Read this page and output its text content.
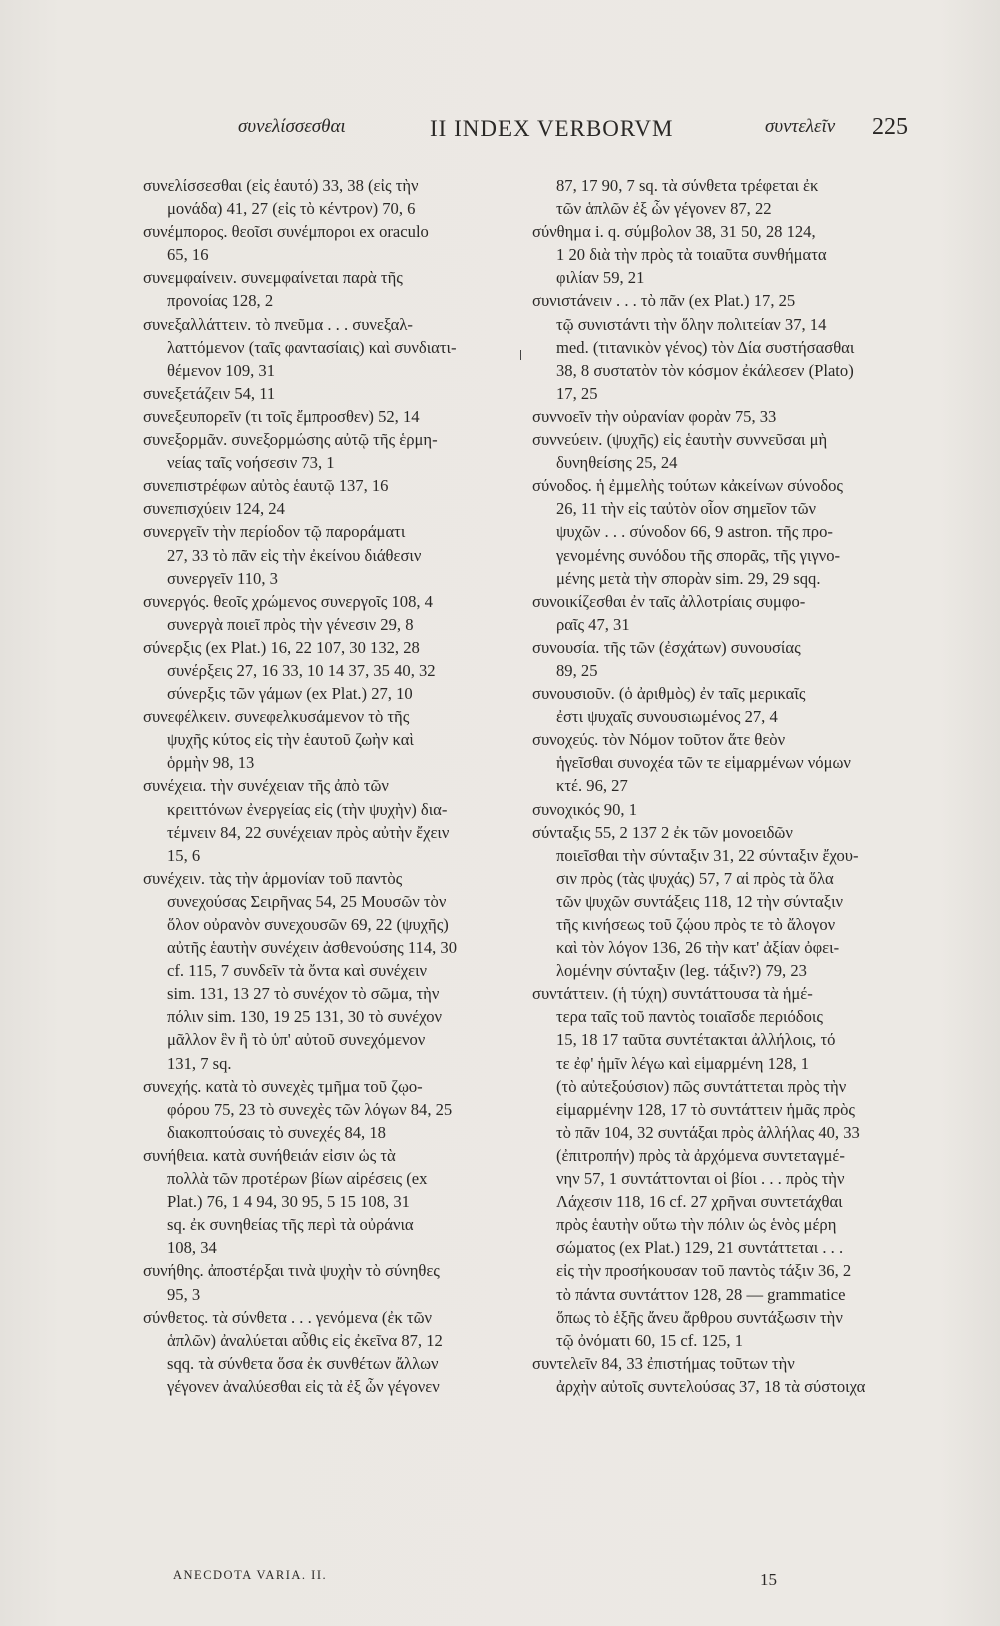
συνελίσσεσθαι	II INDEX VERBORVM	συντελεῖν 225
συνελίσσεσθαι (εἰς ἑαυτό) 33, 38 (εἰς τὴν
μονάδα) 41, 27 (εἰς τὸ κέντρον) 70, 6
συνέμπορος. θεοῖσι συνέμποροι ex oraculo
65, 16
συνεμφαίνειν. συνεμφαίνεται παρὰ τῆς
προνοίας 128, 2
συνεξαλλάττειν. τὸ πνεῦμα . . . συνεξαλ-
λαττόμενον (ταῖς φαντασίαις) καὶ συνδιατι-
θέμενον 109, 31
συνεξετάζειν 54, 11
συνεξευπορεῖν (τι τοῖς ἔμπροσθεν) 52, 14
συνεξορμᾶν. συνεξορμώσης αὐτῷ τῆς ἑρμη-
νείας ταῖς νοήσεσιν 73, 1
συνεπιστρέφων αὐτὸς ἑαυτῷ 137, 16
συνεπισχύειν 124, 24
συνεργεῖν τὴν περίοδον τῷ παροράματι
27, 33 τὸ πᾶν εἰς τὴν ἐκείνου διάθεσιν
συνεργεῖν 110, 3
συνεργός. θεοῖς χρώμενος συνεργοῖς 108, 4
συνεργὰ ποιεῖ πρὸς τὴν γένεσιν 29, 8
σύνερξις (ex Plat.) 16, 22 107, 30 132, 28
συνέρξεις 27, 16 33, 10 14 37, 35 40, 32
σύνερξις τῶν γάμων (ex Plat.) 27, 10
συνεφέλκειν. συνεφελκυσάμενον τὸ τῆς
ψυχῆς κύτος εἰς τὴν ἑαυτοῦ ζωὴν καὶ
ὁρμὴν 98, 13
συνέχεια. τὴν συνέχειαν τῆς ἀπὸ τῶν
κρειττόνων ἐνεργείας εἰς (τὴν ψυχὴν) δια-
τέμνειν 84, 22 συνέχειαν πρὸς αὐτὴν ἔχειν
15, 6
συνέχειν. τὰς τὴν ἁρμονίαν τοῦ παντὸς
συνεχούσας Σειρῆνας 54, 25 Μουσῶν τὸν
ὅλον οὐρανὸν συνεχουσῶν 69, 22 (ψυχῆς)
αὐτῆς ἑαυτὴν συνέχειν ἀσθενούσης 114, 30
cf. 115, 7 συνδεῖν τὰ ὄντα καὶ συνέχειν
sim. 131, 13 27 τὸ συνέχον τὸ σῶμα, τὴν
πόλιν sim. 130, 19 25 131, 30 τὸ συνέχον
μᾶλλον ἓν ἢ τὸ ὑπ' αὐτοῦ συνεχόμενον
131, 7 sq.
συνεχής. κατὰ τὸ συνεχὲς τμῆμα τοῦ ζῳο-
φόρου 75, 23 τὸ συνεχὲς τῶν λόγων 84, 25
διακοπτούσαις τὸ συνεχές 84, 18
συνήθεια. κατὰ συνήθειάν εἰσιν ὡς τὰ
πολλὰ τῶν προτέρων βίων αἱρέσεις (ex
Plat.) 76, 1 4 94, 30 95, 5 15 108, 31
sq. ἐκ συνηθείας τῆς περὶ τὰ οὐράνια
108, 34
συνήθης. ἀποστέρξαι τινὰ ψυχὴν τὸ σύνηθες
95, 3
σύνθετος. τὰ σύνθετα . . . γενόμενα (ἐκ τῶν
ἁπλῶν) ἀναλύεται αὖθις εἰς ἐκεῖνα 87, 12
sqq. τὰ σύνθετα ὅσα ἐκ συνθέτων ἄλλων
γέγονεν ἀναλύεσθαι εἰς τὰ ἐξ ὧν γέγονεν
87, 17 90, 7 sq. τὰ σύνθετα τρέφεται ἐκ
τῶν ἁπλῶν ἐξ ὧν γέγονεν 87, 22
σύνθημα i. q. σύμβολον 38, 31 50, 28 124,
1 20 διὰ τὴν πρὸς τὰ τοιαῦτα συνθήματα
φιλίαν 59, 21
συνιστάνειν . . . τὸ πᾶν (ex Plat.) 17, 25
τῷ συνιστάντι τὴν ὅλην πολιτείαν 37, 14
med. (τιτανικὸν γένος) τὸν Δία συστήσασθαι
38, 8 συστατὸν τὸν κόσμον ἐκάλεσεν (Plato)
17, 25
συννοεῖν τὴν οὐρανίαν φορὰν 75, 33
συννεύειν. (ψυχῆς) εἰς ἑαυτὴν συννεῦσαι μὴ
δυνηθείσης 25, 24
σύνοδος. ἡ ἐμμελὴς τούτων κἀκείνων σύνοδος
26, 11 τὴν εἰς ταὐτὸν οἷον σημεῖον τῶν
ψυχῶν . . . σύνοδον 66, 9 astron. τῆς προ-
γενομένης συνόδου τῆς σπορᾶς, τῆς γιγνο-
μένης μετὰ τὴν σπορὰν sim. 29, 29 sqq.
συνοικίζεσθαι ἐν ταῖς ἀλλοτρίαις συμφο-
ραῖς 47, 31
συνουσία. τῆς τῶν (ἐσχάτων) συνουσίας
89, 25
συνουσιοῦν. (ὁ ἀριθμὸς) ἐν ταῖς μερικαῖς
ἐστι ψυχαῖς συνουσιωμένος 27, 4
συνοχεύς. τὸν Νόμον τοῦτον ἅτε θεὸν
ἡγεῖσθαι συνοχέα τῶν τε εἱμαρμένων νόμων
κτέ. 96, 27
συνοχικός 90, 1
σύνταξις 55, 2 137 2 ἐκ τῶν μονοειδῶν
ποιεῖσθαι τὴν σύνταξιν 31, 22 σύνταξιν ἔχου-
σιν πρὸς (τὰς ψυχάς) 57, 7 αἱ πρὸς τὰ ὅλα
τῶν ψυχῶν συντάξεις 118, 12 τὴν σύνταξιν
τῆς κινήσεως τοῦ ζῴου πρὸς τε τὸ ἄλογον
καὶ τὸν λόγον 136, 26 τὴν κατ' ἀξίαν ὀφει-
λομένην σύνταξιν (leg. τάξιν?) 79, 23
συντάττειν. (ἡ τύχη) συντάττουσα τὰ ἡμέ-
τερα ταῖς τοῦ παντὸς τοιαῖσδε περιόδοις
15, 18 17 ταῦτα συντέτακται ἀλλήλοις, τό
τε ἐφ' ἡμῖν λέγω καὶ εἱμαρμένη 128, 1
(τὸ αὐτεξούσιον) πῶς συντάττεται πρὸς τὴν
εἱμαρμένην 128, 17 τὸ συντάττειν ἡμᾶς πρὸς
τὸ πᾶν 104, 32 συντάξαι πρὸς ἀλλήλας 40, 33
(ἐπιτροπήν) πρὸς τὰ ἀρχόμενα συντεταγμέ-
νην 57, 1 συντάττονται οἱ βίοι . . . πρὸς τὴν
Λάχεσιν 118, 16 cf. 27 χρῆναι συντετάχθαι
πρὸς ἑαυτὴν οὕτω τὴν πόλιν ὡς ἑνὸς μέρη
σώματος (ex Plat.) 129, 21 συντάττεται . . .
εἰς τὴν προσήκουσαν τοῦ παντὸς τάξιν 36, 2
τὸ πάντα συντάττον 128, 28 — grammatice
ὅπως τὸ ἑξῆς ἄνευ ἄρθρου συντάξωσιν τὴν
τῷ ὀνόματι 60, 15 cf. 125, 1
συντελεῖν 84, 33 ἐπιστήμας τοῦτων τὴν
ἀρχὴν αὐτοῖς συντελούσας 37, 18 τὰ σύστοιχα
ANECDOTA VARIA. II.	15
